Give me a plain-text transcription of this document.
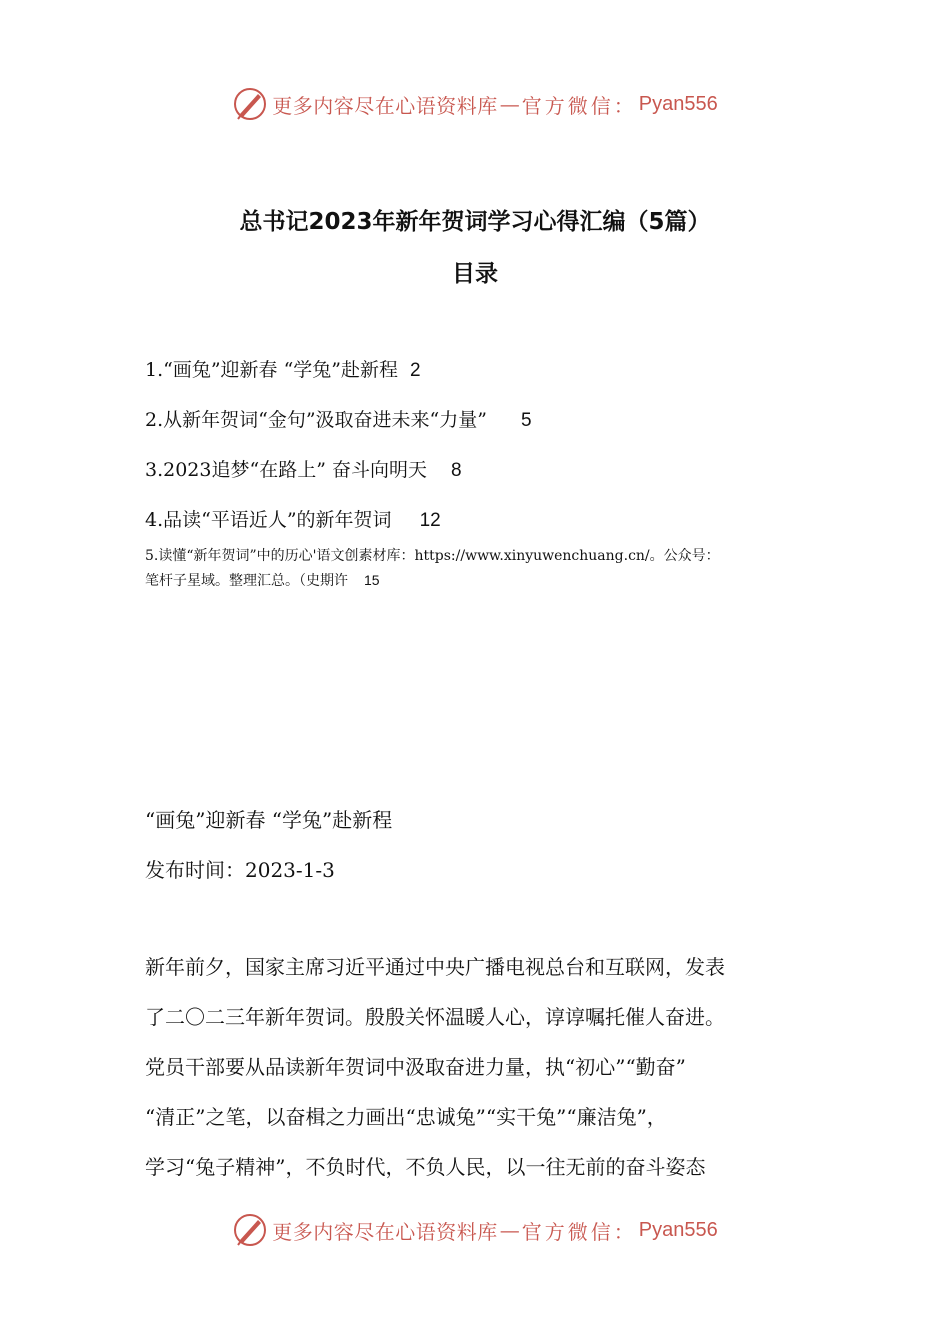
更多内容尽在心语资料库 — 官方微信： Pyan556
总书记2023年新年贺词学习心得汇编（5篇）
目录
1.“画兔”迎新春 “学兔”赴新程 2
2.从新年贺词“金句”汲取奋进未来“力量” 5
3.2023追梦“在路上” 奋斗向明天 8
4.品读“平语近人”的新年贺词 12
5.读懂“新年贺词”中的历心'语文创素材库：https://www.xinyuwenchuang.cn/。公众号：
笔杆子星域。整理汇总。（史期许 15
“画兔”迎新春 “学兔”赴新程
发布时间：2023-1-3
新年前夕，国家主席习近平通过中央广播电视总台和互联网，发表
了二〇二三年新年贺词。殷殷关怀温暖人心，谆谆嘱托催人奋进。
党员干部要从品读新年贺词中汲取奋进力量，执“初心”“勤奋”
“清正”之笔，以奋楫之力画出“忠诚兔”“实干兔”“廉洁兔”，
学习“兔子精神”，不负时代，不负人民，以一往无前的奋斗姿态
更多内容尽在心语资料库 — 官方微信： Pyan556
